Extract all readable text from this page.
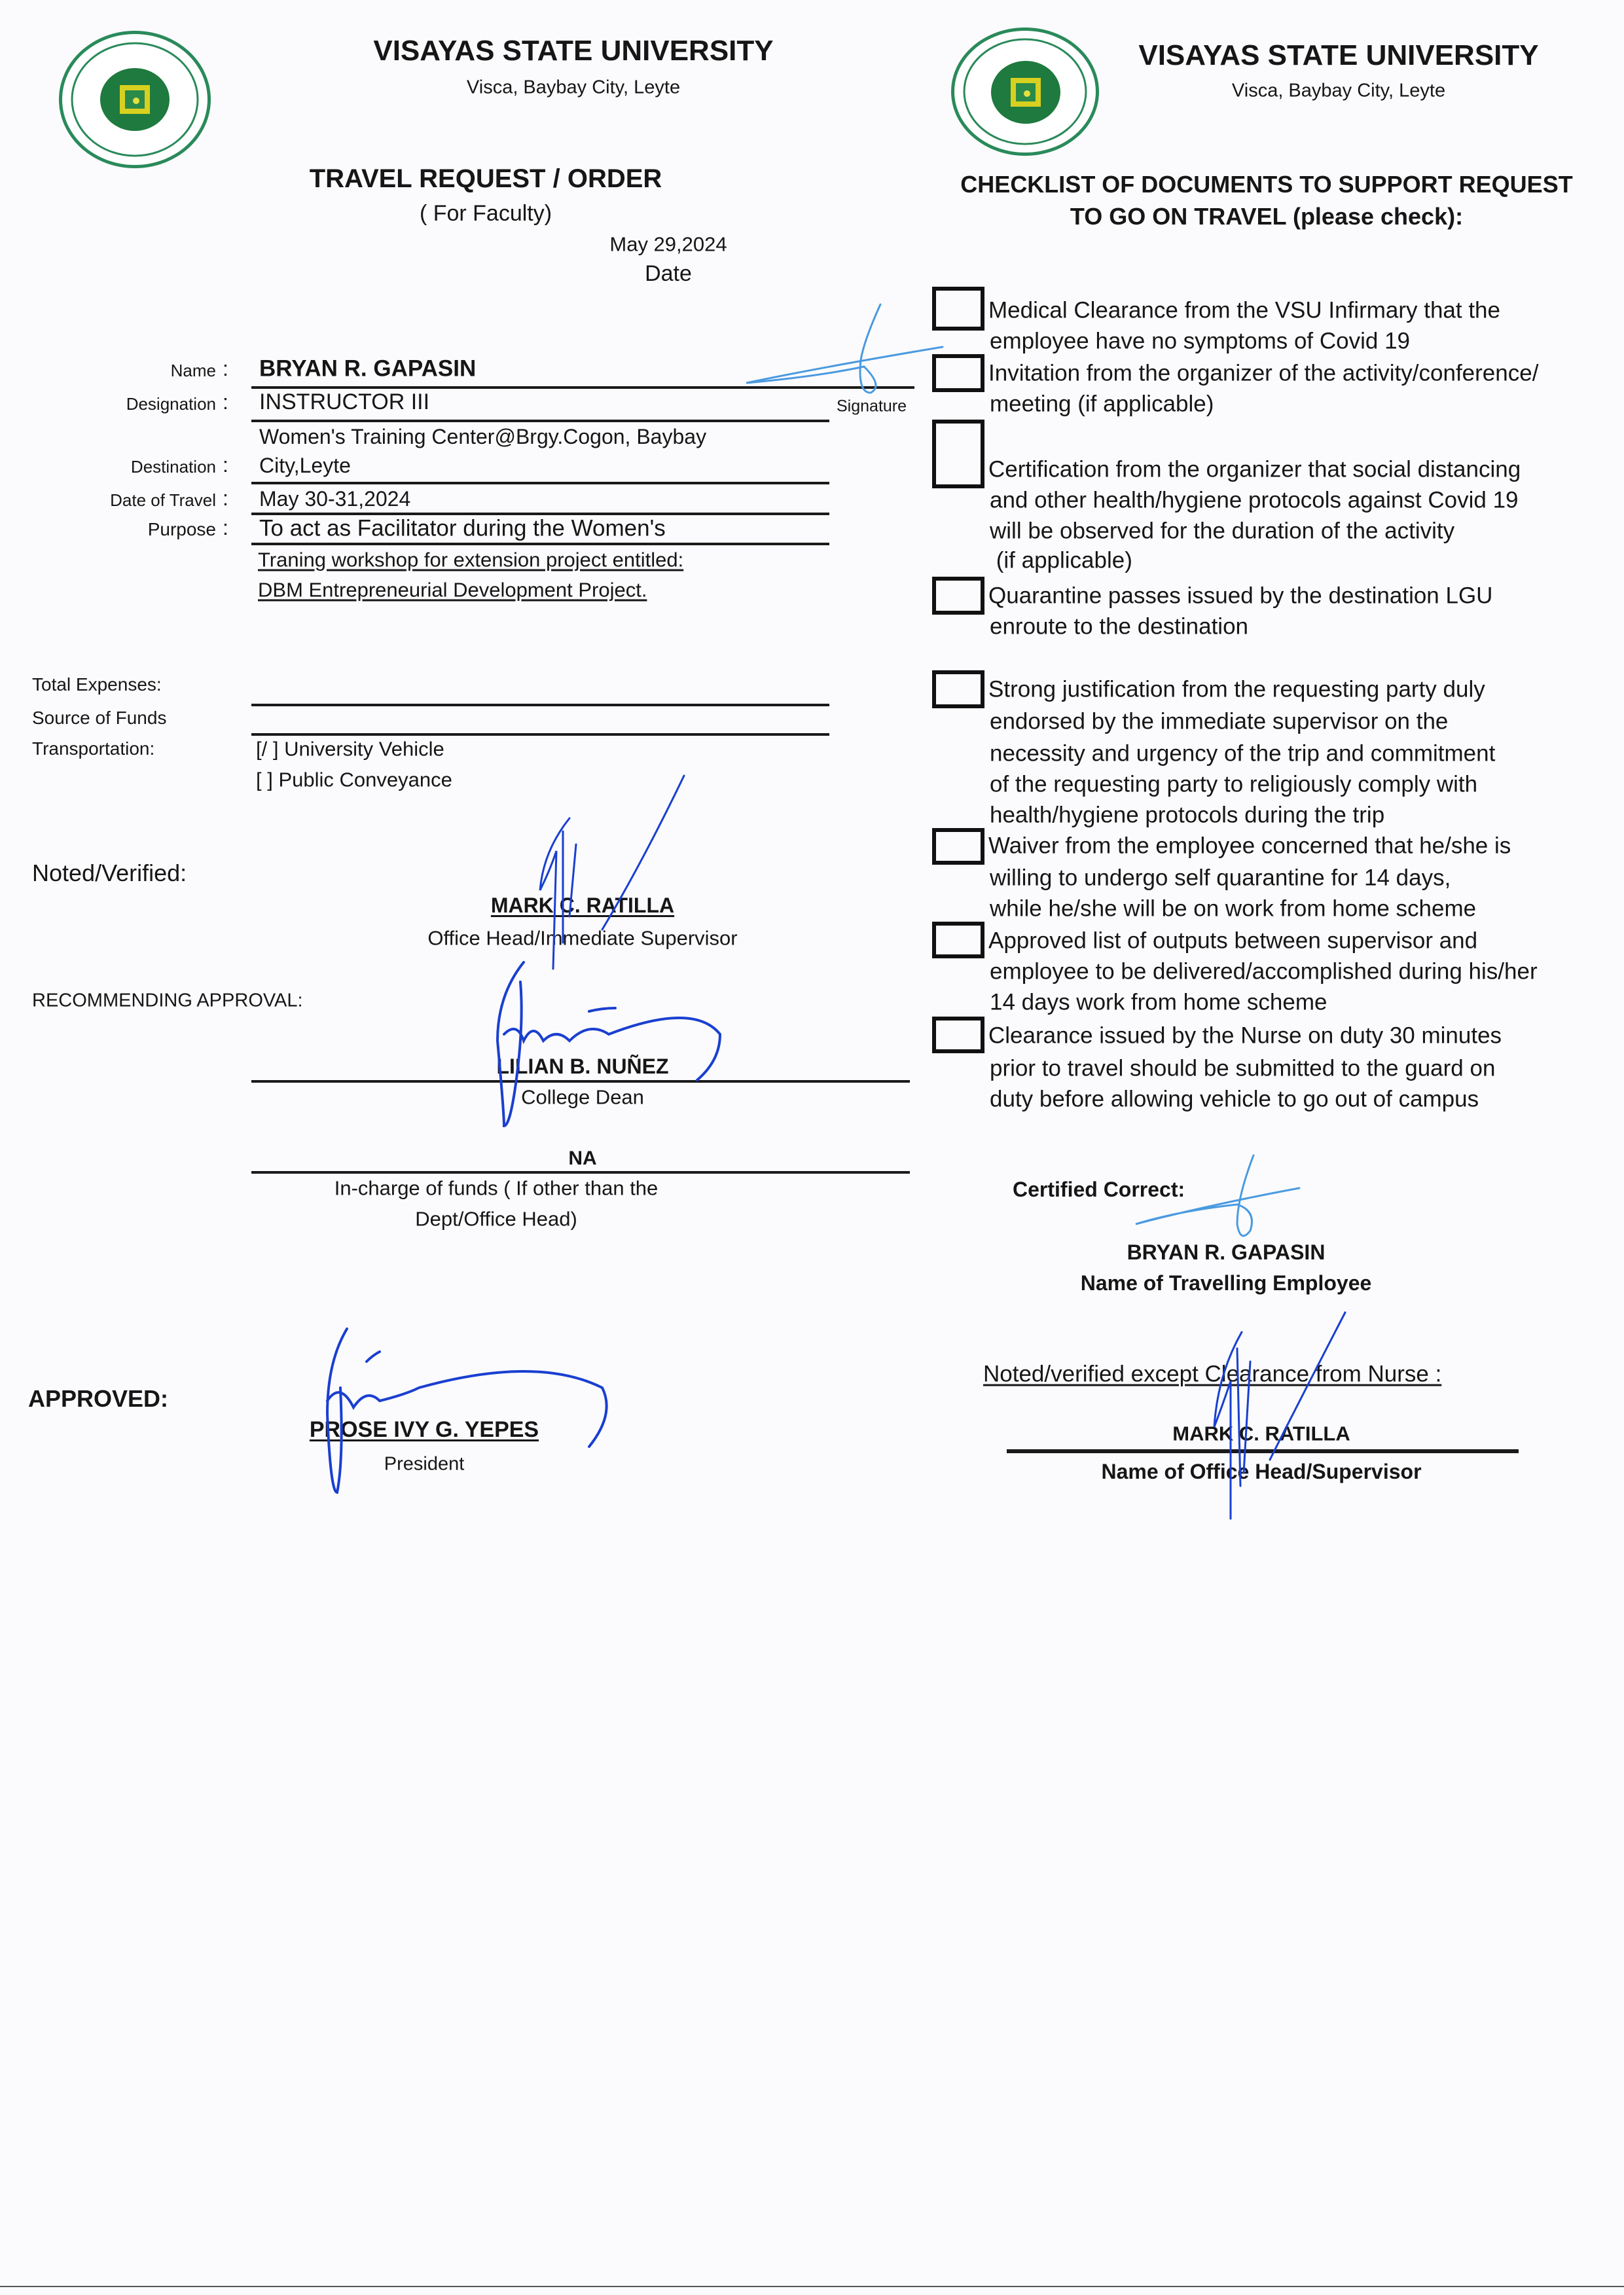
VISAYAS STATE UNIVERSITY
Visca, Baybay City, Leyte
VISAYAS STATE UNIVERSITY
Visca, Baybay City, Leyte
TRAVEL REQUEST / ORDER
( For Faculty)
May 29,2024
Date
Name : BRYAN R. GAPASIN
Designation : INSTRUCTOR III	Signature
Women's Training Center@Brgy.Cogon, Baybay
Destination : City,Leyte
Date of Travel : May 30-31,2024
Purpose : To act as Facilitator during the Women's
Traning workshop for extension project entitled:
DBM Entrepreneurial Development Project.
Total Expenses:
Source of Funds
Transportation:	[/ ] University Vehicle
[ ] Public Conveyance
Noted/Verified:
MARK C. RATILLA
Office Head/Immediate Supervisor
RECOMMENDING APPROVAL:
LILIAN B. NUÑEZ
College Dean
NA
In-charge of funds ( If other than the
Dept/Office Head)
APPROVED:
PROSE IVY G. YEPES
President
CHECKLIST OF DOCUMENTS TO SUPPORT REQUEST
TO GO ON TRAVEL (please check):
Medical Clearance from the VSU Infirmary that the
employee have no symptoms of Covid 19
Invitation from the organizer of the activity/conference/
meeting (if applicable)
Certification from the organizer that social distancing
and other health/hygiene protocols against Covid 19
will be observed for the duration of the activity
(if applicable)
Quarantine passes issued by the destination LGU
enroute to the destination
Strong justification from the requesting party duly
endorsed by the immediate supervisor on the
necessity and urgency of the trip and commitment
of the requesting party to religiously comply with
health/hygiene protocols during the trip
Waiver from the employee concerned that he/she is
willing to undergo self quarantine for 14 days,
while he/she will be on work from home scheme
Approved list of outputs between supervisor and
employee to be delivered/accomplished during his/her
14 days work from home scheme
Clearance issued by the Nurse on duty 30 minutes
prior to travel should be submitted to the guard on
duty before allowing vehicle to go out of campus
Certified Correct:
BRYAN R. GAPASIN
Name of Travelling Employee
Noted/verified except Clearance from Nurse :
MARK C. RATILLA
Name of Office Head/Supervisor
